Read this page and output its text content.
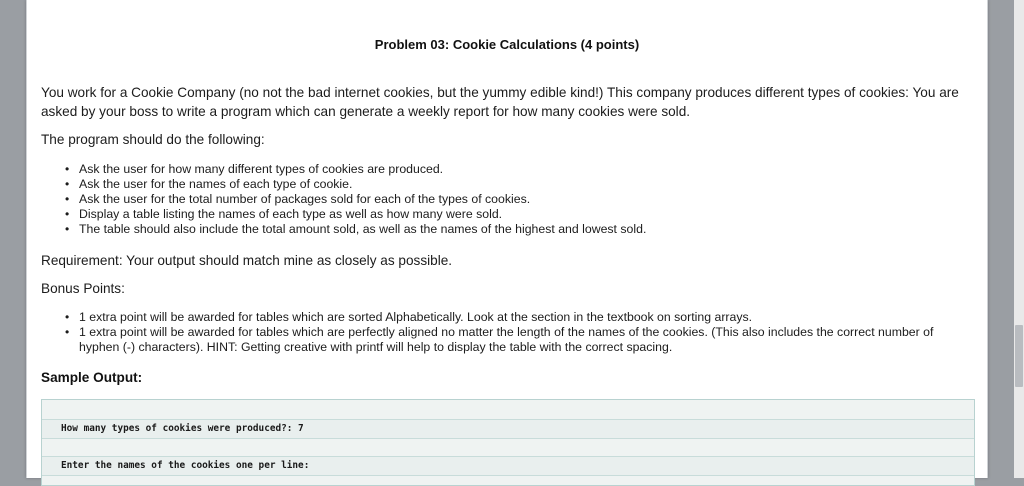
Problem 03: Cookie Calculations (4 points)
You work for a Cookie Company (no not the bad internet cookies, but the yummy edible kind!) This company produces different types of cookies: You are asked by your boss to write a program which can generate a weekly report for how many cookies were sold.
The program should do the following:
• Ask the user for how many different types of cookies are produced.
• Ask the user for the names of each type of cookie.
• Ask the user for the total number of packages sold for each of the types of cookies.
• Display a table listing the names of each type as well as how many were sold.
• The table should also include the total amount sold, as well as the names of the highest and lowest sold.
Requirement: Your output should match mine as closely as possible.
Bonus Points:
• 1 extra point will be awarded for tables which are sorted Alphabetically. Look at the section in the textbook on sorting arrays.
• 1 extra point will be awarded for tables which are perfectly aligned no matter the length of the names of the cookies. (This also includes the correct number of hyphen (-) characters). HINT: Getting creative with printf will help to display the table with the correct spacing.
Sample Output:
How many types of cookies were produced?: 7
Enter the names of the cookies one per line:
